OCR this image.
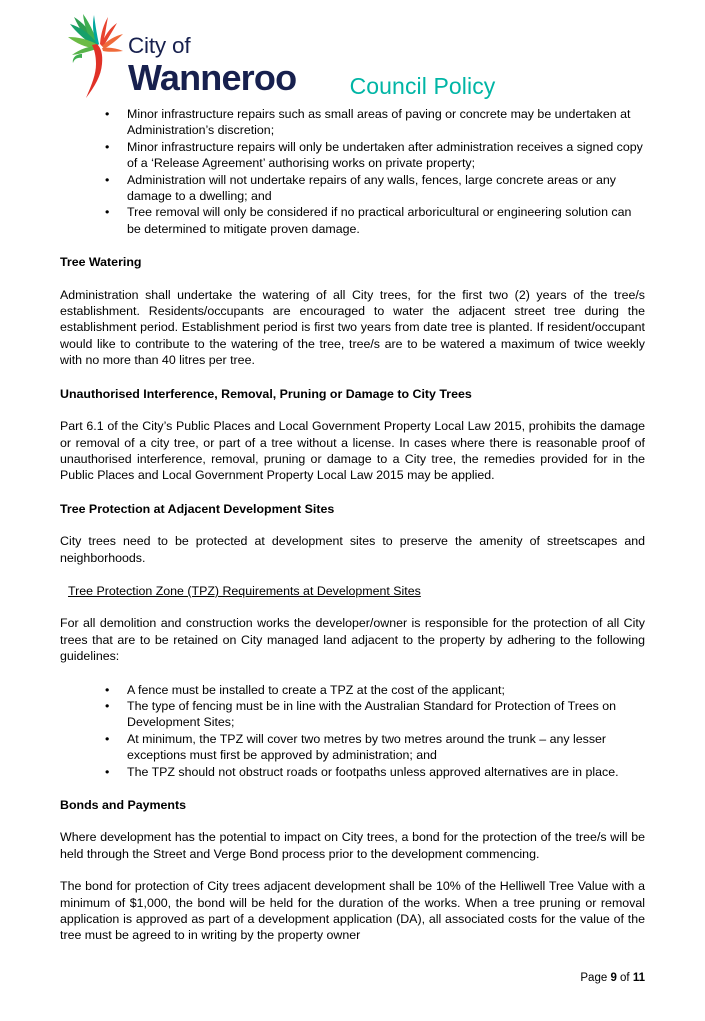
City of
Wanneroo	Council Policy
• Minor infrastructure repairs such as small areas of paving or concrete may be undertaken at Administration’s discretion;
• Minor infrastructure repairs will only be undertaken after administration receives a signed copy of a ‘Release Agreement’ authorising works on private property;
• Administration will not undertake repairs of any walls, fences, large concrete areas or any damage to a dwelling; and
• Tree removal will only be considered if no practical arboricultural or engineering solution can be determined to mitigate proven damage.
Tree Watering

Administration shall undertake the watering of all City trees, for the first two (2) years of the tree/s establishment. Residents/occupants are encouraged to water the adjacent street tree during the establishment period. Establishment period is first two years from date tree is planted. If resident/occupant would like to contribute to the watering of the tree, tree/s are to be watered a maximum of twice weekly with no more than 40 litres per tree.

Unauthorised Interference, Removal, Pruning or Damage to City Trees

Part 6.1 of the City’s Public Places and Local Government Property Local Law 2015, prohibits the damage or removal of a city tree, or part of a tree without a license. In cases where there is reasonable proof of unauthorised interference, removal, pruning or damage to a City tree, the remedies provided for in the Public Places and Local Government Property Local Law 2015 may be applied.

Tree Protection at Adjacent Development Sites

City trees need to be protected at development sites to preserve the amenity of streetscapes and neighborhoods.

Tree Protection Zone (TPZ) Requirements at Development Sites

For all demolition and construction works the developer/owner is responsible for the protection of all City trees that are to be retained on City managed land adjacent to the property by adhering to the following guidelines:

• A fence must be installed to create a TPZ at the cost of the applicant;
• The type of fencing must be in line with the Australian Standard for Protection of Trees on Development Sites;
• At minimum, the TPZ will cover two metres by two metres around the trunk – any lesser exceptions must first be approved by administration; and
• The TPZ should not obstruct roads or footpaths unless approved alternatives are in place.
Bonds and Payments

Where development has the potential to impact on City trees, a bond for the protection of the tree/s will be held through the Street and Verge Bond process prior to the development commencing.

The bond for protection of City trees adjacent development shall be 10% of the Helliwell Tree Value with a minimum of $1,000, the bond will be held for the duration of the works. When a tree pruning or removal application is approved as part of a development application (DA), all associated costs for the value of the tree must be agreed to in writing by the property owner

Page 9 of 11
